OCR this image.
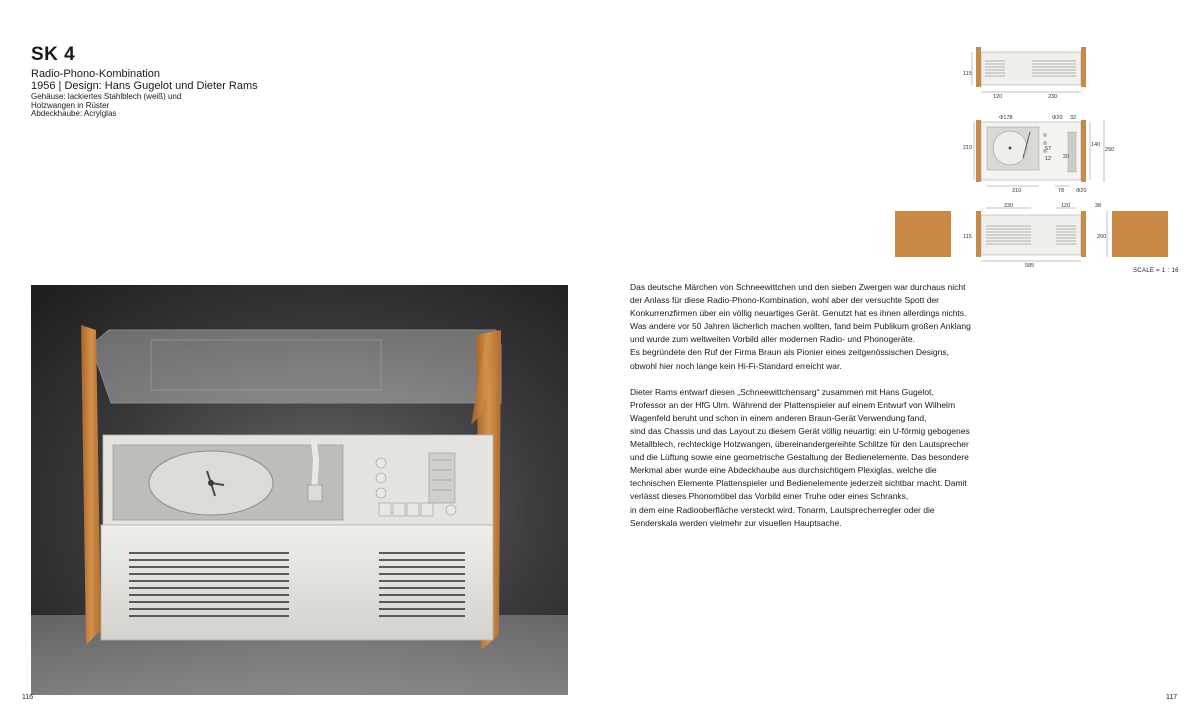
SK 4
Radio-Phono-Kombination
1956 | Design: Hans Gugelot und Dieter Rams
Gehäuse: lackiertes Stahlblech (weiß) und
Holzwangen in Rüster
Abdeckhaube: Acrylglas
115
120	230
Φ178	Φ20 32
210	57
12 20
140
290
310	78 Φ20
230	120	38
115	200
585
SCALE = 1 : 16
Das deutsche Märchen von Schneewittchen und den sieben Zwergen war durchaus nicht
der Anlass für diese Radio-Phono-Kombination, wohl aber der versuchte Spott der
Konkurrenzfirmen über ein völlig neuartiges Gerät. Genutzt hat es ihnen allerdings nichts.
Was andere vor 50 Jahren lächerlich machen wollten, fand beim Publikum großen Anklang
und wurde zum weltweiten Vorbild aller modernen Radio- und Phonogeräte.
Es begründete den Ruf der Firma Braun als Pionier eines zeitgenössischen Designs,
obwohl hier noch lange kein Hi-Fi-Standard erreicht war.
Dieter Rams entwarf diesen „Schneewittchensarg“ zusammen mit Hans Gugelot,
Professor an der HfG Ulm. Während der Plattenspieler auf einem Entwurf von Wilhelm
Wagenfeld beruht und schon in einem anderen Braun-Gerät Verwendung fand,
sind das Chassis und das Layout zu diesem Gerät völlig neuartig: ein U-förmig gebogenes
Metallblech, rechteckige Holzwangen, übereinandergereihte Schlitze für den Lautsprecher
und die Lüftung sowie eine geometrische Gestaltung der Bedienelemente. Das besondere
Merkmal aber wurde eine Abdeckhaube aus durchsichtigem Plexiglas, welche die
technischen Elemente Plattenspieler und Bedienelemente jederzeit sichtbar macht. Damit
verlässt dieses Phonomöbel das Vorbild einer Truhe oder eines Schranks,
in dem eine Radiooberfläche versteckt wird. Tonarm, Lautsprecherregler oder die
Senderskala werden vielmehr zur visuellen Hauptsache.
116	117
